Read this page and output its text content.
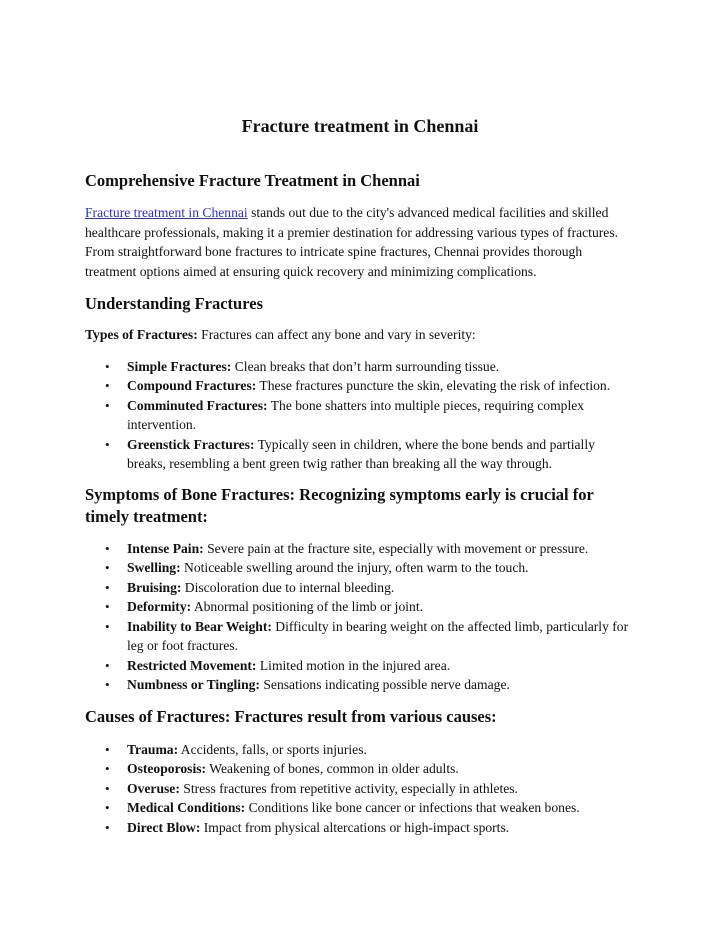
Fracture treatment in Chennai
Comprehensive Fracture Treatment in Chennai

Fracture treatment in Chennai stands out due to the city's advanced medical facilities and skilled healthcare professionals, making it a premier destination for addressing various types of fractures. From straightforward bone fractures to intricate spine fractures, Chennai provides thorough treatment options aimed at ensuring quick recovery and minimizing complications.

Understanding Fractures

Types of Fractures: Fractures can affect any bone and vary in severity:

• Simple Fractures: Clean breaks that don’t harm surrounding tissue.
• Compound Fractures: These fractures puncture the skin, elevating the risk of infection.
• Comminuted Fractures: The bone shatters into multiple pieces, requiring complex intervention.
• Greenstick Fractures: Typically seen in children, where the bone bends and partially breaks, resembling a bent green twig rather than breaking all the way through.
Symptoms of Bone Fractures: Recognizing symptoms early is crucial for timely treatment:
• Intense Pain: Severe pain at the fracture site, especially with movement or pressure.
• Swelling: Noticeable swelling around the injury, often warm to the touch.
• Bruising: Discoloration due to internal bleeding.
• Deformity: Abnormal positioning of the limb or joint.
• Inability to Bear Weight: Difficulty in bearing weight on the affected limb, particularly for leg or foot fractures.
• Restricted Movement: Limited motion in the injured area.
• Numbness or Tingling: Sensations indicating possible nerve damage.
Causes of Fractures: Fractures result from various causes:
• Trauma: Accidents, falls, or sports injuries.
• Osteoporosis: Weakening of bones, common in older adults.
• Overuse: Stress fractures from repetitive activity, especially in athletes.
• Medical Conditions: Conditions like bone cancer or infections that weaken bones.
• Direct Blow: Impact from physical altercations or high-impact sports.
